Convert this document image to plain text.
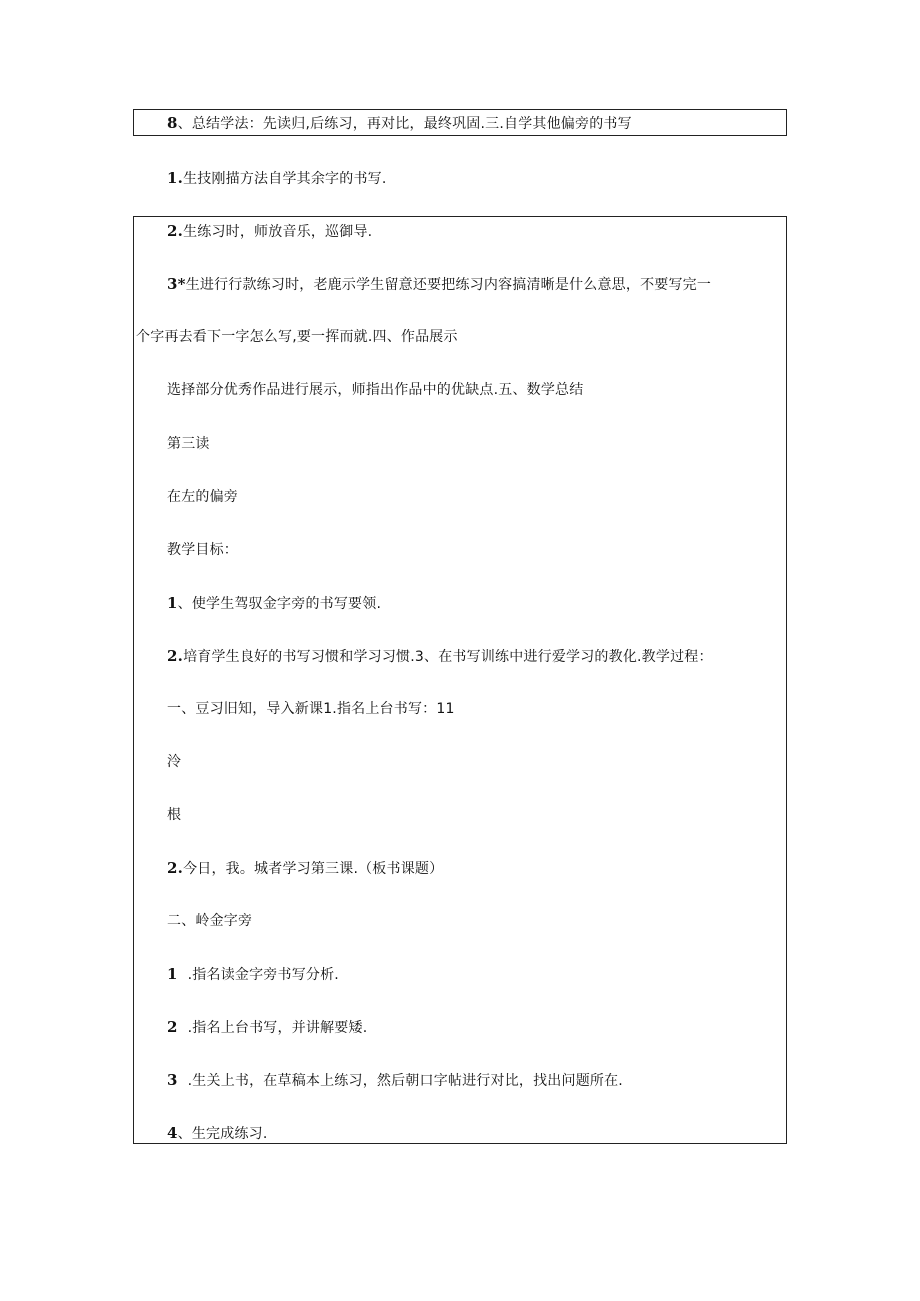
8、总结学法：先读归,后练习，再对比，最终巩固.三.自学其他偏旁的书写
1.生技刚描方法自学其余字的书写.
2.生练习时，师放音乐，巡御导.
3*生进行行款练习时，老鹿示学生留意还要把练习内容搞清晰是什么意思，不要写完一
个字再去看下一字怎么写,要一挥而就.四、作品展示
选择部分优秀作品进行展示，师指出作品中的优缺点.五、数学总结
第三读
在左的偏旁
教学目标：
1、使学生驾驭金字旁的书写要领.
2.培育学生良好的书写习惯和学习习惯.3、在书写训练中进行爱学习的教化.教学过程：
一、豆习旧知，导入新课1.指名上台书写：11
泠
根
2.今日，我。城者学习第三课.（板书课题）
二、岭金字旁
1 .指名读金字旁书写分析.
2 .指名上台书写，并讲解要矮.
3 .生关上书，在草稿本上练习，然后朝口字帖进行对比，找出问题所在.
4、生完成练习.
